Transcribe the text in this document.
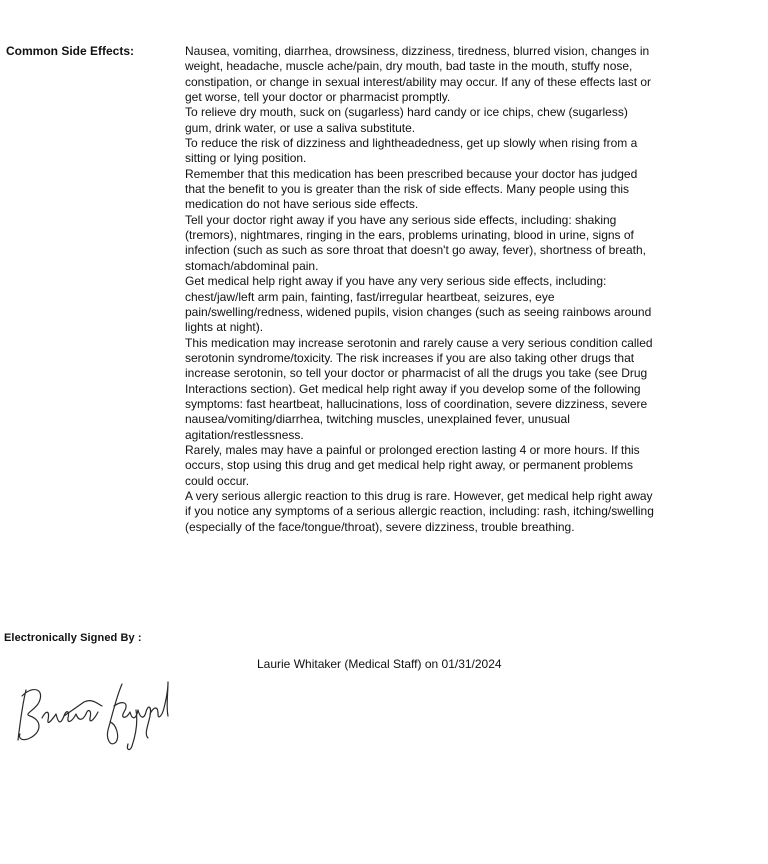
Common Side Effects:	Nausea, vomiting, diarrhea, drowsiness, dizziness, tiredness, blurred vision, changes in weight, headache, muscle ache/pain, dry mouth, bad taste in the mouth, stuffy nose, constipation, or change in sexual interest/ability may occur. If any of these effects last or get worse, tell your doctor or pharmacist promptly.

To relieve dry mouth, suck on (sugarless) hard candy or ice chips, chew (sugarless) gum, drink water, or use a saliva substitute.

To reduce the risk of dizziness and lightheadedness, get up slowly when rising from a sitting or lying position.

Remember that this medication has been prescribed because your doctor has judged that the benefit to you is greater than the risk of side effects. Many people using this medication do not have serious side effects.

Tell your doctor right away if you have any serious side effects, including: shaking (tremors), nightmares, ringing in the ears, problems urinating, blood in urine, signs of infection (such as such as sore throat that doesn't go away, fever), shortness of breath, stomach/abdominal pain.

Get medical help right away if you have any very serious side effects, including: chest/jaw/left arm pain, fainting, fast/irregular heartbeat, seizures, eye pain/swelling/redness, widened pupils, vision changes (such as seeing rainbows around lights at night).

This medication may increase serotonin and rarely cause a very serious condition called serotonin syndrome/toxicity. The risk increases if you are also taking other drugs that increase serotonin, so tell your doctor or pharmacist of all the drugs you take (see Drug Interactions section). Get medical help right away if you develop some of the following symptoms: fast heartbeat, hallucinations, loss of coordination, severe dizziness, severe nausea/vomiting/diarrhea, twitching muscles, unexplained fever, unusual agitation/restlessness.

Rarely, males may have a painful or prolonged erection lasting 4 or more hours. If this occurs, stop using this drug and get medical help right away, or permanent problems could occur.

A very serious allergic reaction to this drug is rare. However, get medical help right away if you notice any symptoms of a serious allergic reaction, including: rash, itching/swelling (especially of the face/tongue/throat), severe dizziness, trouble breathing.

Electronically Signed By :
Laurie Whitaker (Medical Staff) on 01/31/2024
